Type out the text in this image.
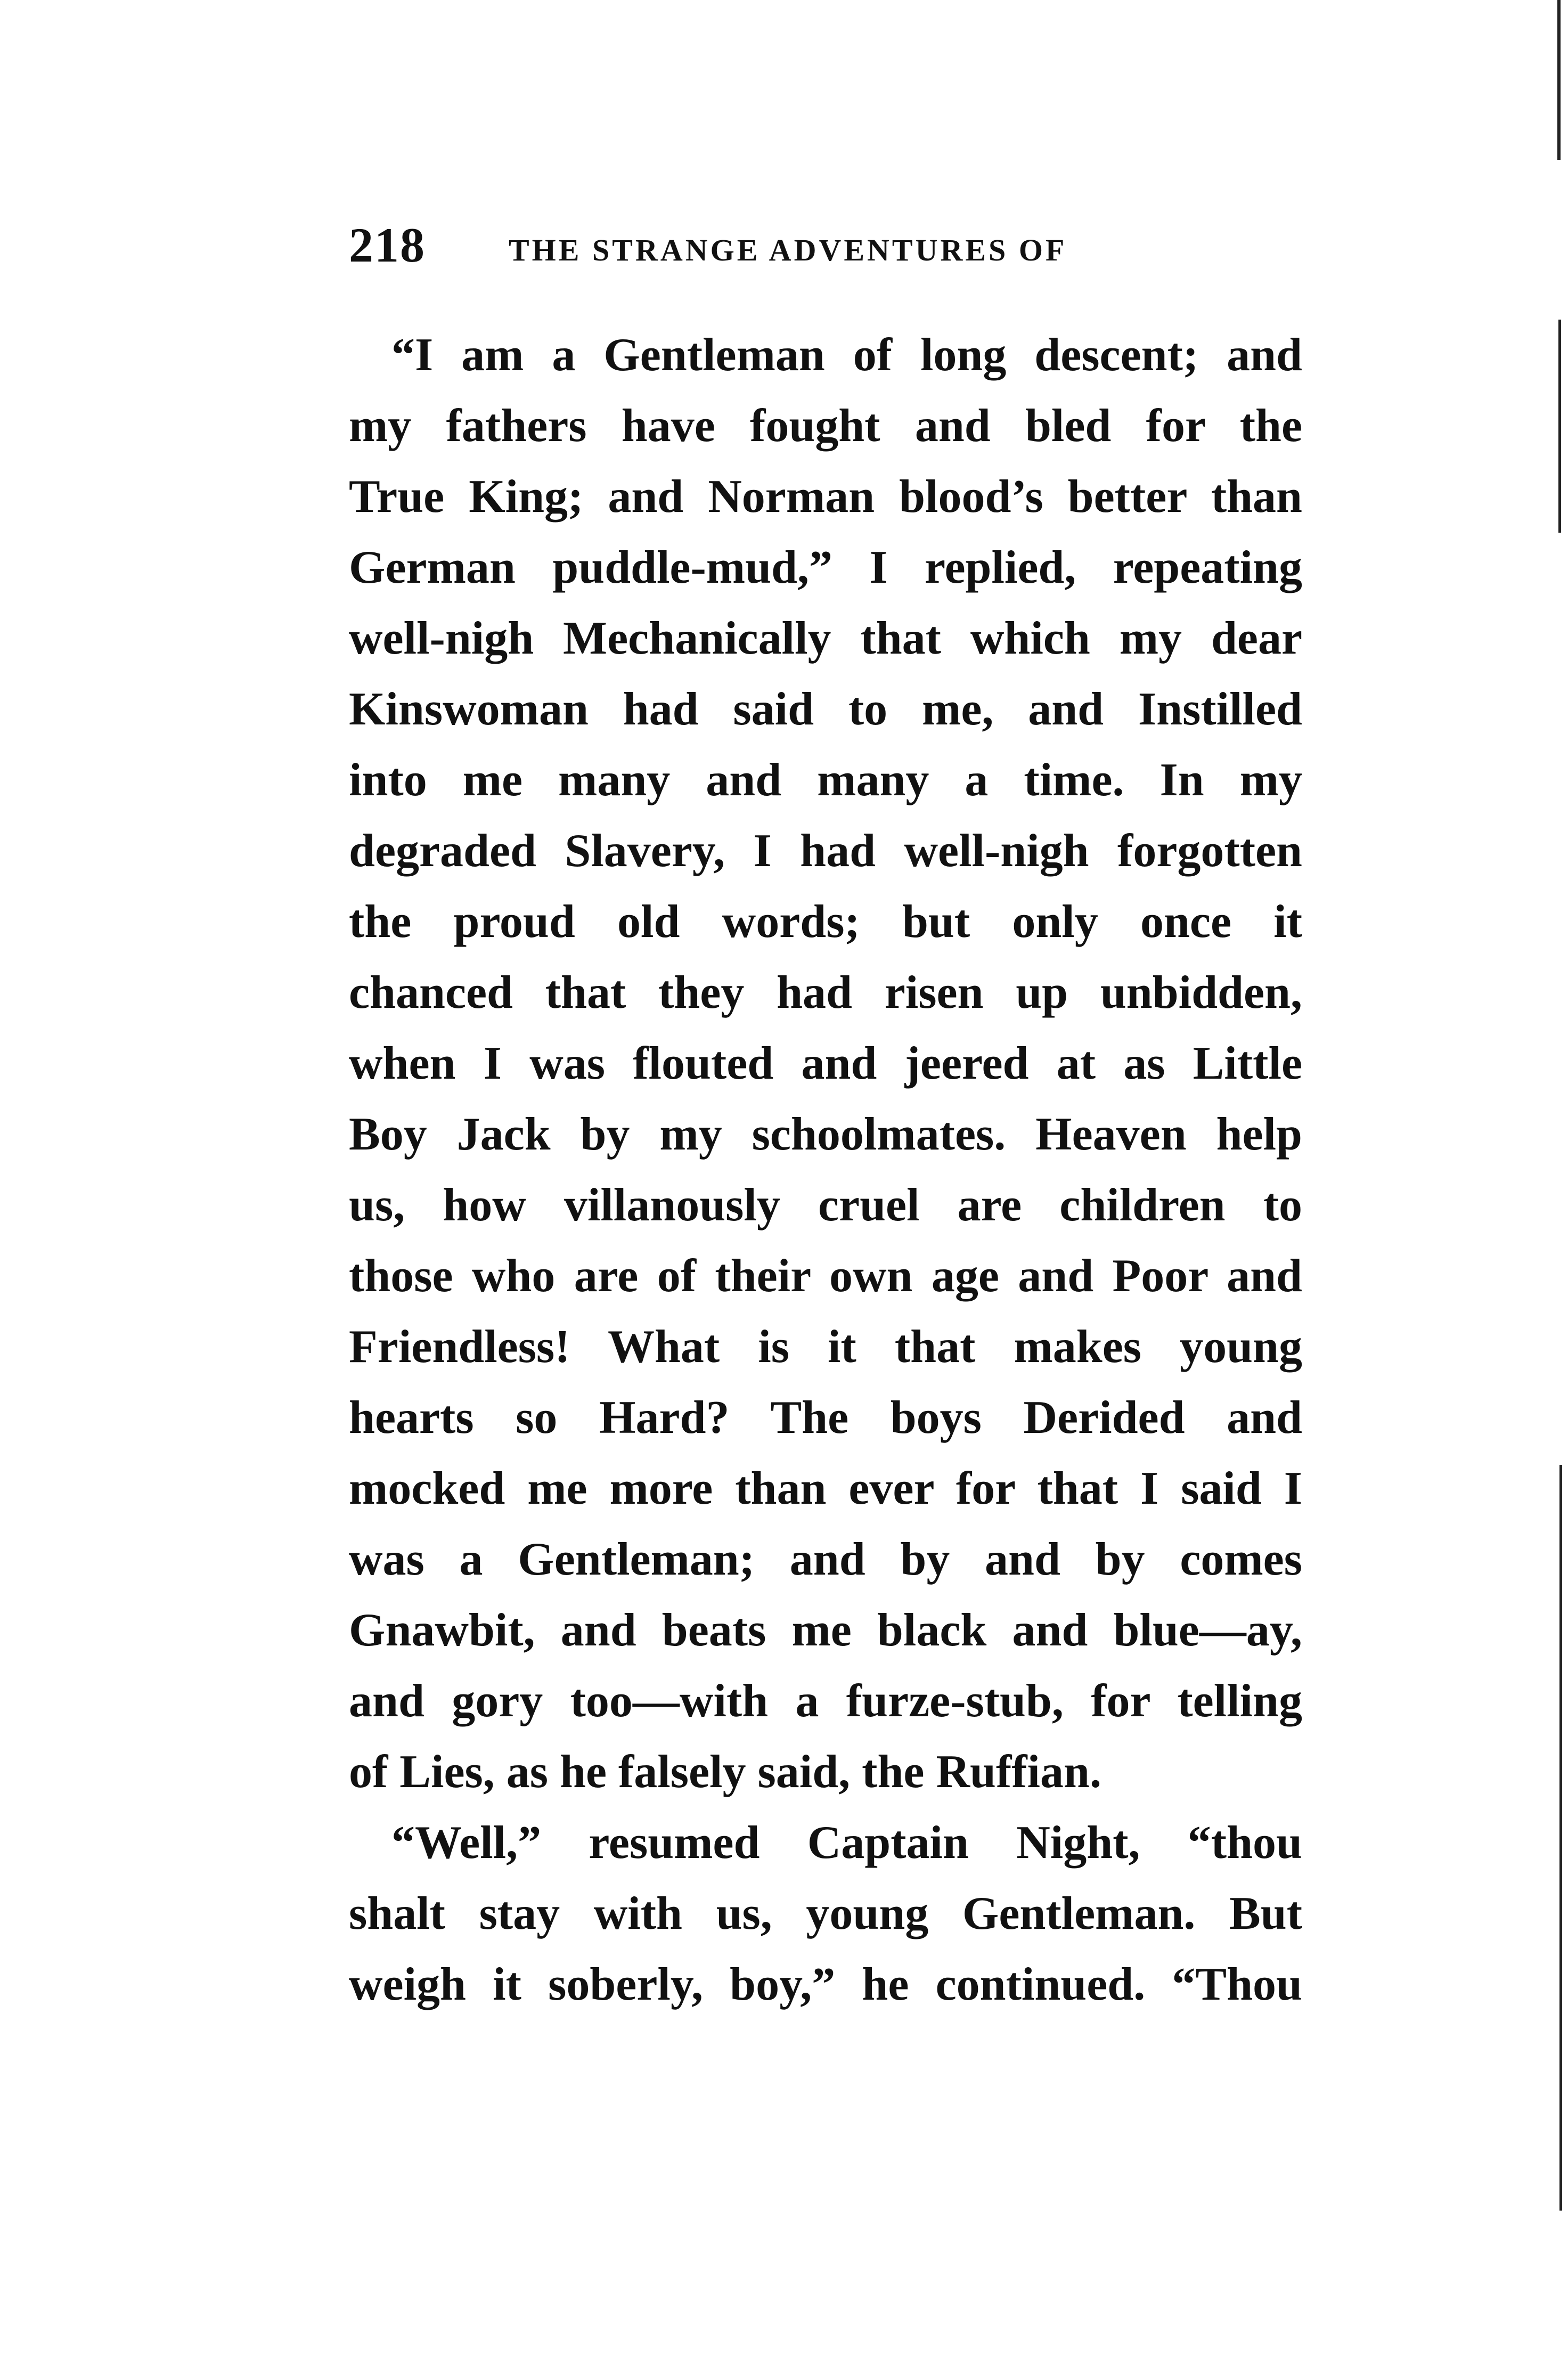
218	THE STRANGE ADVENTURES OF
“I am a Gentleman of long descent; and
my fathers have fought and bled for the
True King; and Norman blood’s better than
German puddle-mud,” I replied, repeating
well-nigh Mechanically that which my dear
Kinswoman had said to me, and Instilled
into me many and many a time. In my
degraded Slavery, I had well-nigh forgotten
the proud old words; but only once it
chanced that they had risen up unbidden,
when I was flouted and jeered at as Little
Boy Jack by my schoolmates. Heaven help
us, how villanously cruel are children to
those who are of their own age and Poor and
Friendless! What is it that makes young
hearts so Hard? The boys Derided and
mocked me more than ever for that I said I
was a Gentleman; and by and by comes
Gnawbit, and beats me black and blue—ay,
and gory too—with a furze-stub, for telling
of Lies, as he falsely said, the Ruffian.
“Well,” resumed Captain Night, “thou
shalt stay with us, young Gentleman. But
weigh it soberly, boy,” he continued. “Thou
